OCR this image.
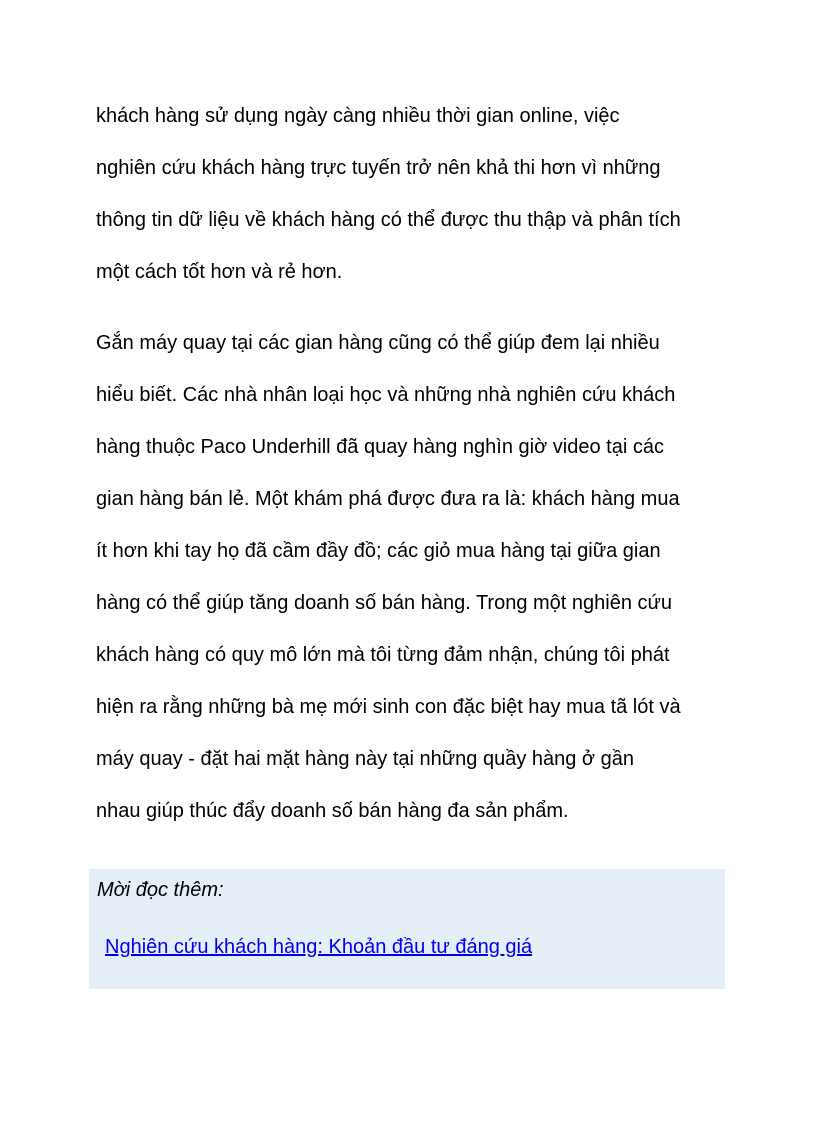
khách hàng sử dụng ngày càng nhiều thời gian online, việc
nghiên cứu khách hàng trực tuyến trở nên khả thi hơn vì những
thông tin dữ liệu về khách hàng có thể được thu thập và phân tích
một cách tốt hơn và rẻ hơn.
Gắn máy quay tại các gian hàng cũng có thể giúp đem lại nhiều
hiểu biết. Các nhà nhân loại học và những nhà nghiên cứu khách
hàng thuộc Paco Underhill đã quay hàng nghìn giờ video tại các
gian hàng bán lẻ. Một khám phá được đưa ra là: khách hàng mua
ít hơn khi tay họ đã cầm đầy đồ; các giỏ mua hàng tại giữa gian
hàng có thể giúp tăng doanh số bán hàng. Trong một nghiên cứu
khách hàng có quy mô lớn mà tôi từng đảm nhận, chúng tôi phát
hiện ra rằng những bà mẹ mới sinh con đặc biệt hay mua tã lót và
máy quay - đặt hai mặt hàng này tại những quầy hàng ở gần
nhau giúp thúc đẩy doanh số bán hàng đa sản phẩm.
Mời đọc thêm:
Nghiên cứu khách hàng: Khoản đầu tư đáng giá
